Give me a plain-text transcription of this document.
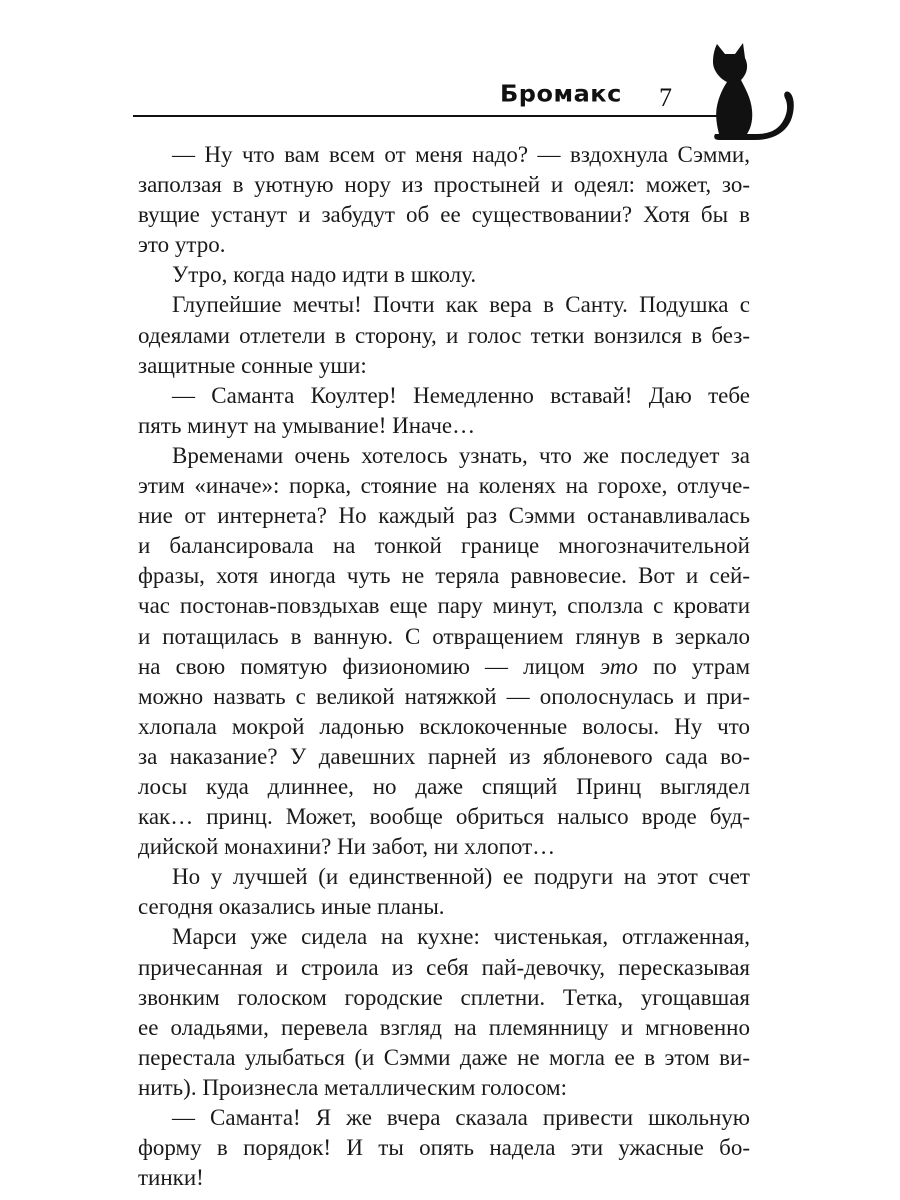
Бромакс 7

— Ну что вам всем от меня надо? — вздохнула Сэмми,
заползая в уютную нору из простыней и одеял: может, зо-
вущие устанут и забудут об ее существовании? Хотя бы в
это утро.

Утро, когда надо идти в школу.

Глупейшие мечты! Почти как вера в Санту. Подушка с
одеялами отлетели в сторону, и голос тетки вонзился в без-
защитные сонные уши:

— Саманта Коултер! Немедленно вставай! Даю тебе
пять минут на умывание! Иначе…

Временами очень хотелось узнать, что же последует за
этим «иначе»: порка, стояние на коленях на горохе, отлуче-
ние от интернета? Но каждый раз Сэмми останавливалась
и балансировала на тонкой границе многозначительной
фразы, хотя иногда чуть не теряла равновесие. Вот и сей-
час постонав-повздыхав еще пару минут, сползла с кровати
и потащилась в ванную. С отвращением глянув в зеркало
на свою помятую физиономию — лицом это по утрам
можно назвать с великой натяжкой — ополоснулась и при-
хлопала мокрой ладонью всклокоченные волосы. Ну что
за наказание? У давешних парней из яблоневого сада во-
лосы куда длиннее, но даже спящий Принц выглядел
как… принц. Может, вообще обриться налысо вроде буд-
дийской монахини? Ни забот, ни хлопот…

Но у лучшей (и единственной) ее подруги на этот счет
сегодня оказались иные планы.

Марси уже сидела на кухне: чистенькая, отглаженная,
причесанная и строила из себя пай-девочку, пересказывая
звонким голоском городские сплетни. Тетка, угощавшая
ее оладьями, перевела взгляд на племянницу и мгновенно
перестала улыбаться (и Сэмми даже не могла ее в этом ви-
нить). Произнесла металлическим голосом:

— Саманта! Я же вчера сказала привести школьную
форму в порядок! И ты опять надела эти ужасные бо-
тинки!
